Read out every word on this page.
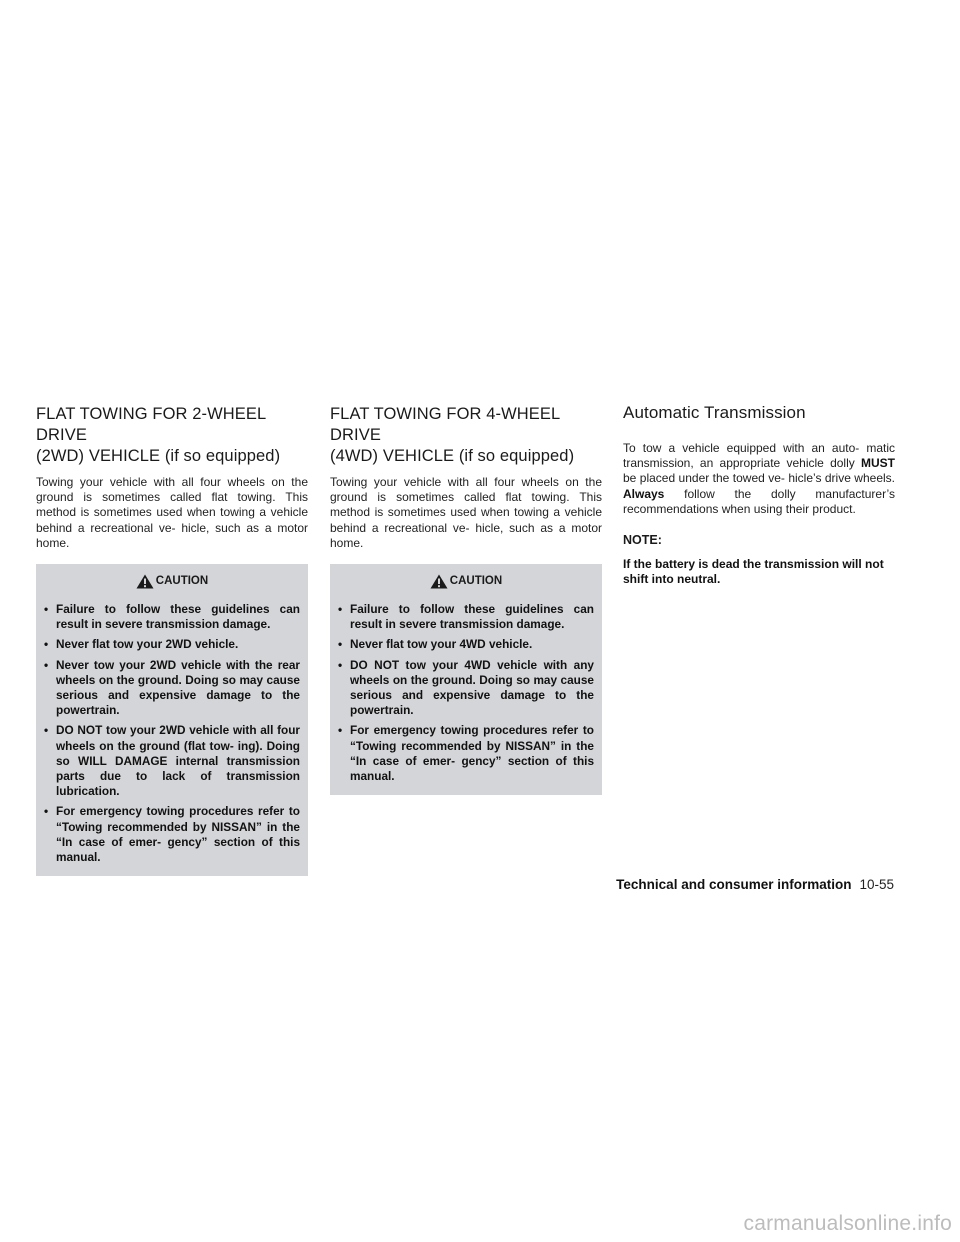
FLAT TOWING FOR 2-WHEEL DRIVE
(2WD) VEHICLE (if so equipped)

Towing your vehicle with all four wheels on the ground is sometimes called flat towing. This method is sometimes used when towing a vehicle behind a recreational ve- hicle, such as a motor home.

CAUTION
• Failure to follow these guidelines can result in severe transmission damage.
• Never flat tow your 2WD vehicle.
• Never tow your 2WD vehicle with the rear wheels on the ground. Doing so may cause serious and expensive damage to the powertrain.
• DO NOT tow your 2WD vehicle with all four wheels on the ground (flat tow- ing). Doing so WILL DAMAGE internal transmission parts due to lack of transmission lubrication.
• For emergency towing procedures refer to “Towing recommended by NISSAN” in the “In case of emer- gency” section of this manual.
FLAT TOWING FOR 4-WHEEL DRIVE
(4WD) VEHICLE (if so equipped)

Towing your vehicle with all four wheels on the ground is sometimes called flat towing. This method is sometimes used when towing a vehicle behind a recreational ve- hicle, such as a motor home.

CAUTION
• Failure to follow these guidelines can result in severe transmission damage.
• Never flat tow your 4WD vehicle.
• DO NOT tow your 4WD vehicle with any wheels on the ground. Doing so may cause serious and expensive damage to the powertrain.
• For emergency towing procedures refer to “Towing recommended by NISSAN” in the “In case of emer- gency” section of this manual.
Automatic Transmission

To tow a vehicle equipped with an auto- matic transmission, an appropriate vehicle dolly MUST be placed under the towed ve- hicle’s drive wheels. Always follow the dolly manufacturer’s recommendations when using their product.

NOTE:

If the battery is dead the transmission will not shift into neutral.

Technical and consumer information 10-55
carmanualsonline.info
